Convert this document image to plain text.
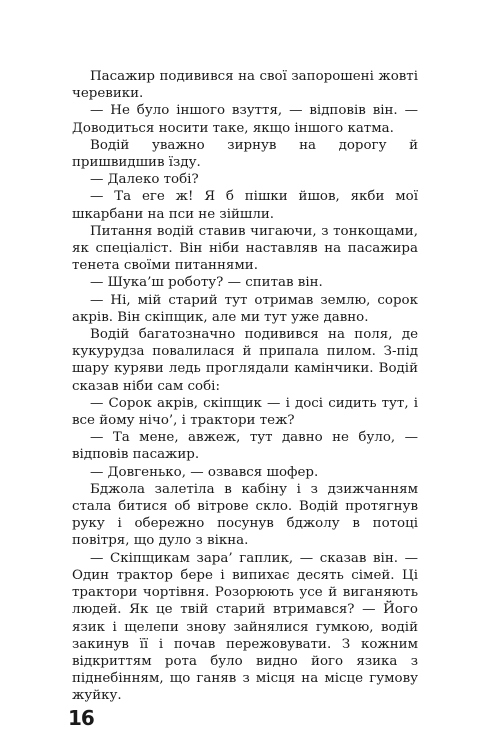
Пасажир подивився на свої запорошені жовті черевики.

— Не було іншого взуття, — відповів він. — Доводиться носити таке, якщо іншого катма.

Водій уважно зирнув на дорогу й пришвидшив їзду.

— Далеко тобі?

— Та еге ж! Я б пішки йшов, якби мої шкарбани на пси не зійшли.

Питання водій ставив чигаючи, з тонкощами, як спеціаліст. Він ніби наставляв на пасажира тенета своїми питаннями.

— Шука’ш роботу? — спитав він.

— Ні, мій старий тут отримав землю, сорок акрів. Він скіпщик, але ми тут уже давно.

Водій багатозначно подивився на поля, де кукурудза повалилася й припала пилом. З-під шару куряви ледь проглядали камінчики. Водій сказав ніби сам собі:

— Сорок акрів, скіпщик — і досі сидить тут, і все йому нічо’, і трактори теж?

— Та мене, авжеж, тут давно не було, — відповів пасажир.

— Довгенько, — озвався шофер.

Бджола залетіла в кабіну і з дзижчанням стала битися об вітрове скло. Водій протягнув руку і обережно посунув бджолу в потоці повітря, що дуло з вікна.

— Скіпщикам зара’ гаплик, — сказав він. — Один трактор бере і випихає десять сімей. Ці трактори чортівня. Розорюють усе й виганяють людей. Як це твій старий втримався? — Його язик і щелепи знову зайнялися гумкою, водій закинув її і почав пережовувати. З кожним відкриттям рота було видно його язика з піднебінням, що ганяв з місця на місце гумову жуйку.

16
